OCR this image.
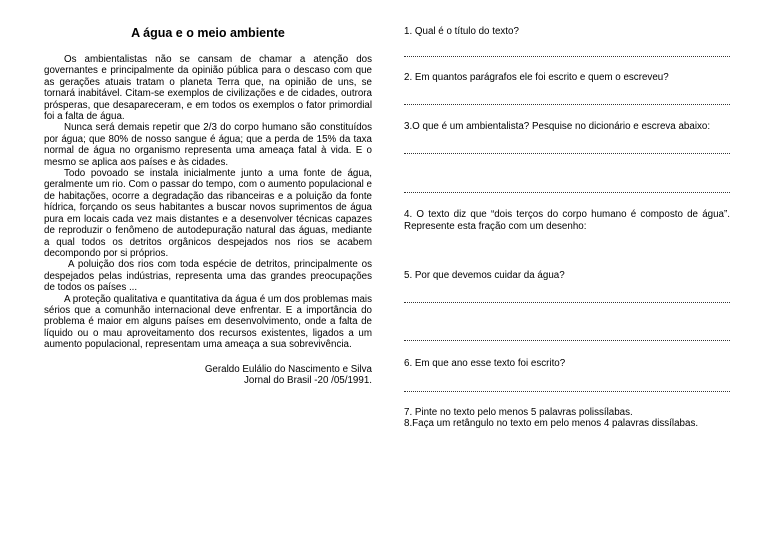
A água e o meio ambiente

Os ambientalistas não se cansam de chamar a atenção dos governantes e principalmente da opinião pública para o descaso com que as gerações atuais tratam o planeta Terra que, na opinião de uns, se tornará inabitável. Citam-se exemplos de civilizações e de cidades, outrora prósperas, que desapareceram, e em todos os exemplos o fator primordial foi a falta de água.

Nunca será demais repetir que 2/3 do corpo humano são constituídos por água; que 80% de nosso sangue é água; que a perda de 15% da taxa normal de água no organismo representa uma ameaça fatal à vida. E o mesmo se aplica aos países e às cidades.

Todo povoado se instala inicialmente junto a uma fonte de água, geralmente um rio. Com o passar do tempo, com o aumento populacional e de habitações, ocorre a degradação das ribanceiras e a poluição da fonte hídrica, forçando os seus habitantes a buscar novos suprimentos de água pura em locais cada vez mais distantes e a desenvolver técnicas capazes de reproduzir o fenômeno de autodepuração natural das águas, mediante a qual todos os detritos orgânicos despejados nos rios se acabem decompondo por si próprios.

A poluição dos rios com toda espécie de detritos, principalmente os despejados pelas indústrias, representa uma das grandes preocupações de todos os países ...

A proteção qualitativa e quantitativa da água é um dos problemas mais sérios que a comunhão internacional deve enfrentar. E a importância do problema é maior em alguns países em desenvolvimento, onde a falta de líquido ou o mau aproveitamento dos recursos existentes, ligados a um aumento populacional, representam uma ameaça a sua sobrevivência.

Geraldo Eulálio do Nascimento e Silva
Jornal do Brasil -20 /05/1991.

1. Qual é o título do texto?

2. Em quantos parágrafos ele foi escrito e quem o escreveu?

3.O que é um ambientalista? Pesquise no dicionário e escreva abaixo:

4. O texto diz que “dois terços do corpo humano é composto de água”. Represente esta fração com um desenho:

5. Por que devemos cuidar da água?

6. Em que ano esse texto foi escrito?

7. Pinte no texto pelo menos 5 palavras polissílabas.

8.Faça um retângulo no texto em pelo menos 4 palavras dissílabas.
